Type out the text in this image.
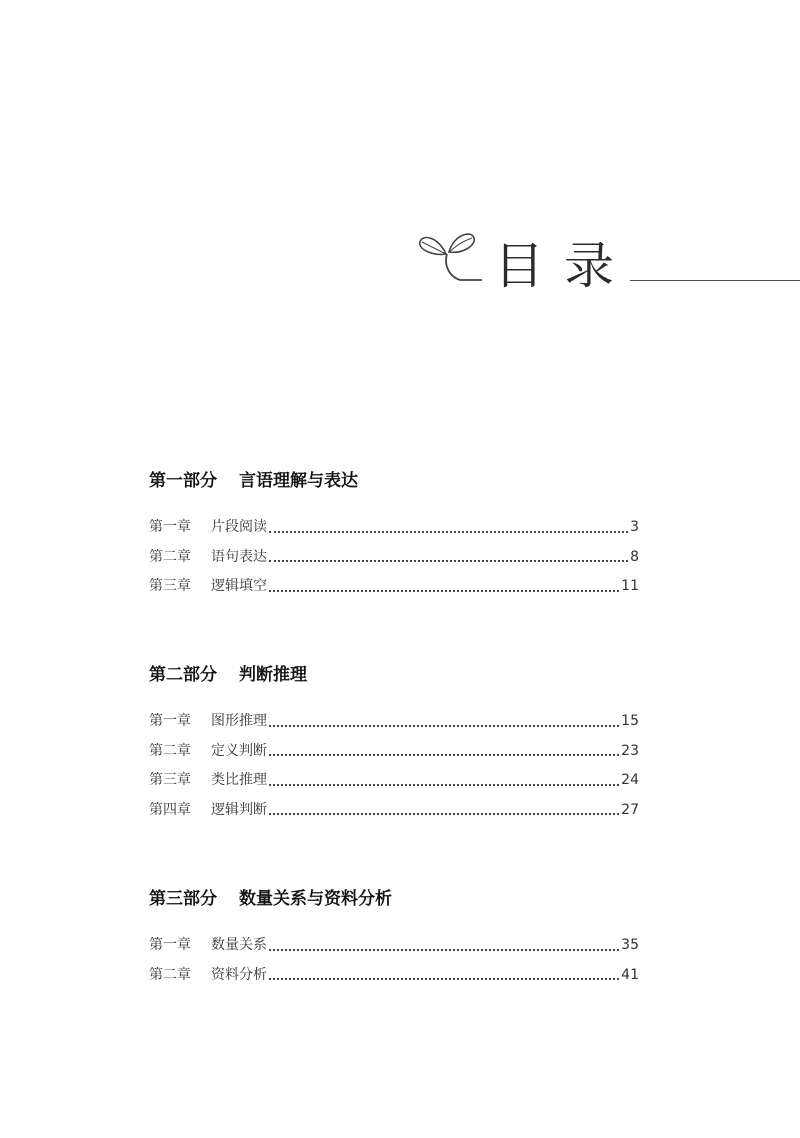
目录
第一部分 言语理解与表达
第一章	片段阅读	3
第二章	语句表达	8
第三章	逻辑填空	11
第二部分 判断推理
第一章	图形推理	15
第二章	定义判断	23
第三章	类比推理	24
第四章	逻辑判断	27
第三部分 数量关系与资料分析
第一章	数量关系	35
第二章	资料分析	41
